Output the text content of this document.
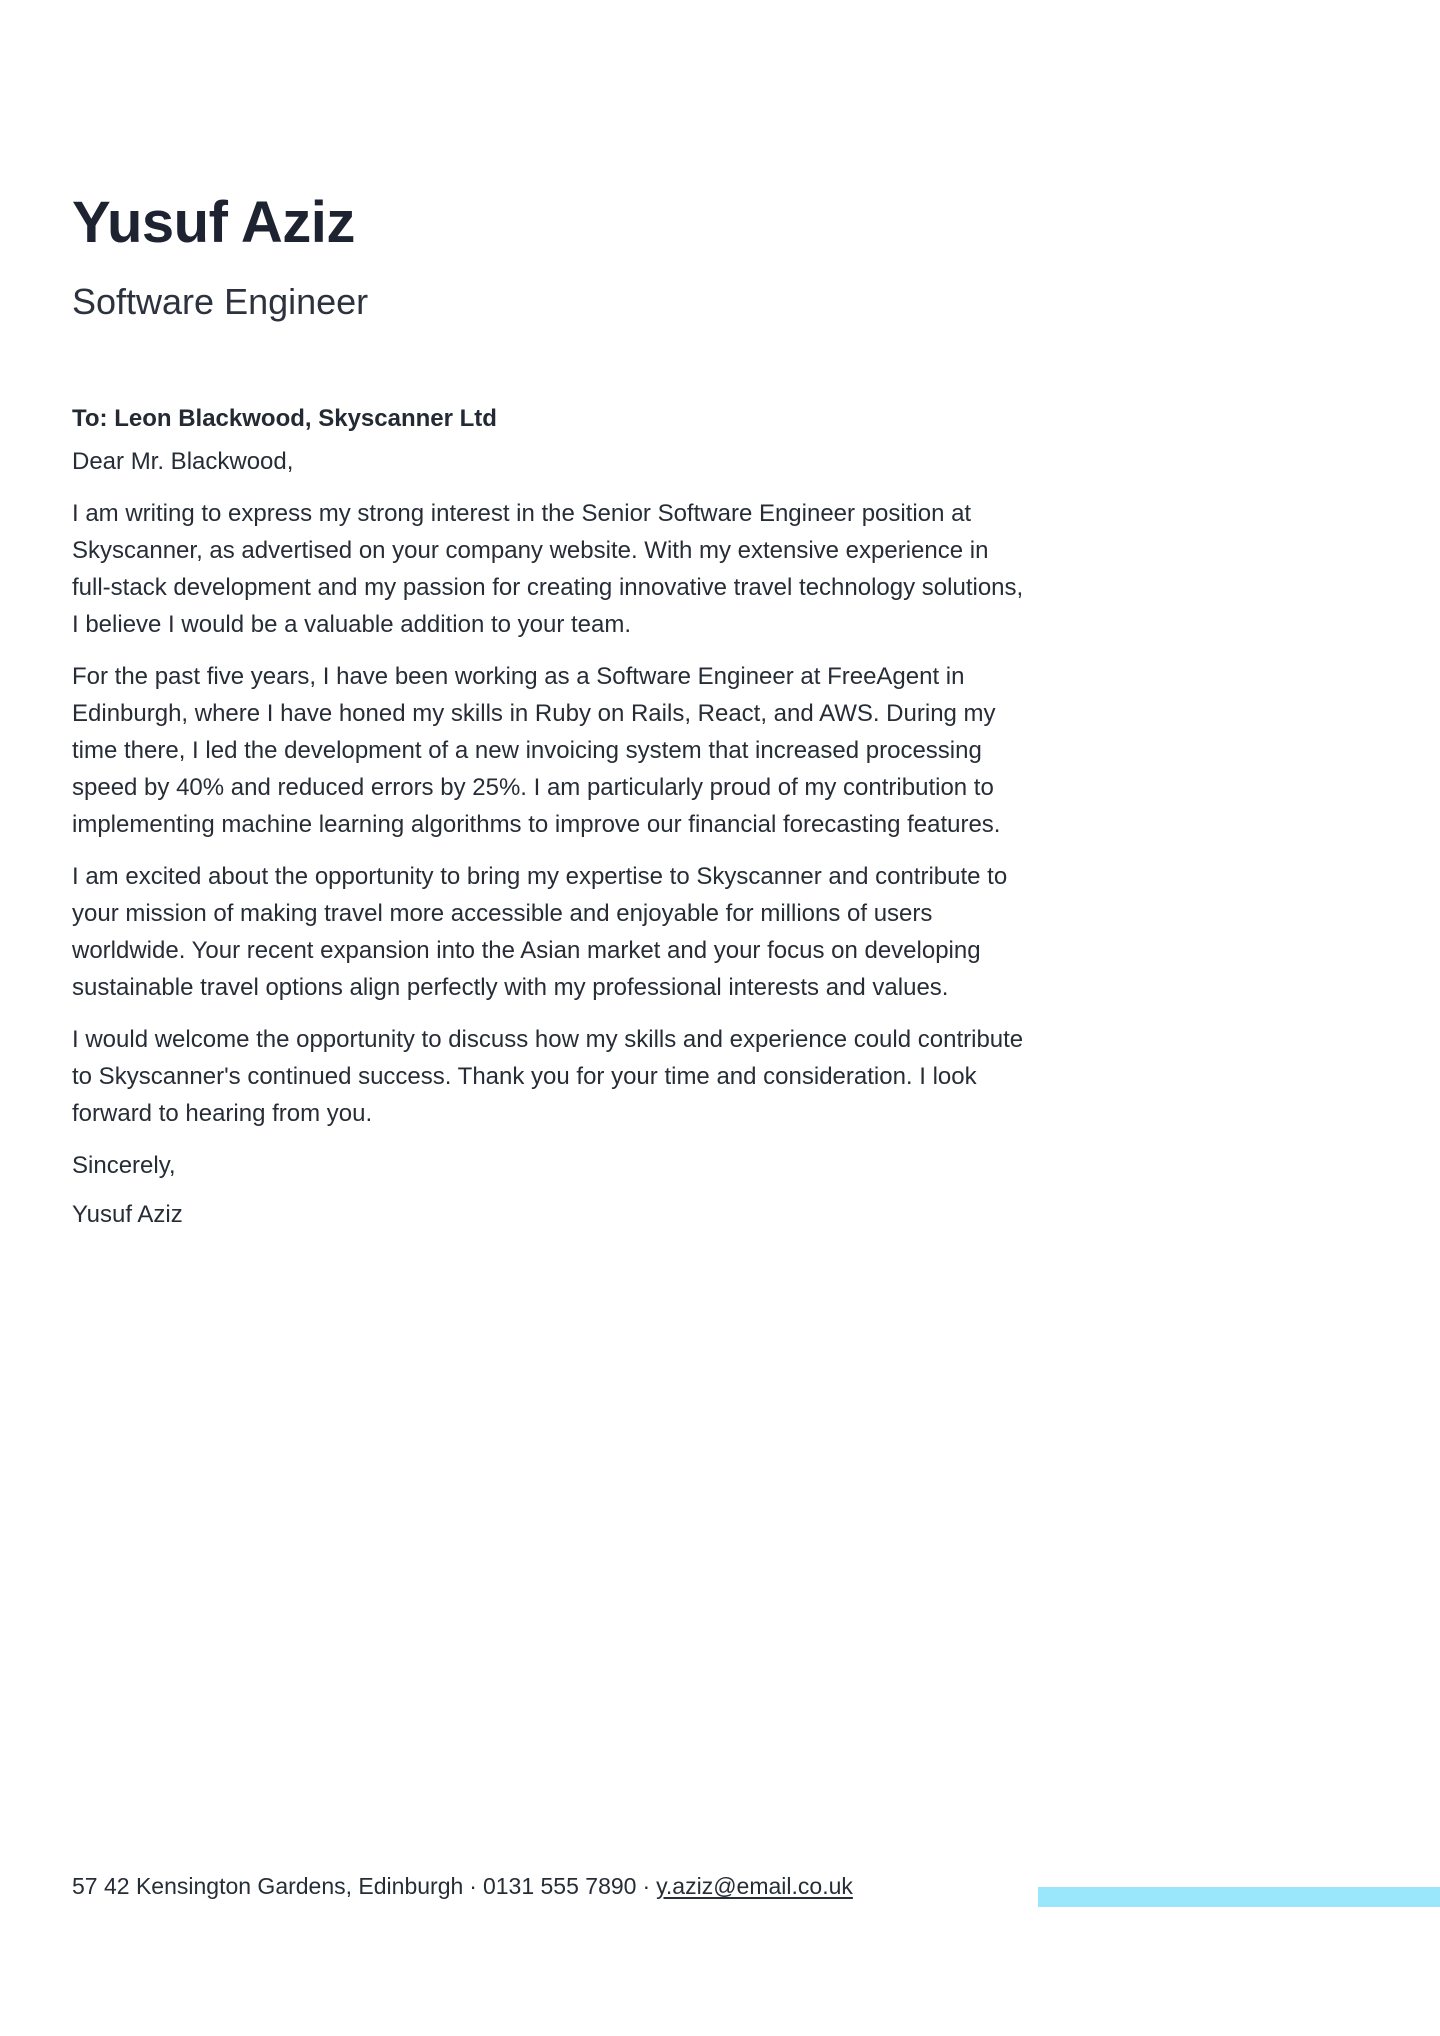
Yusuf Aziz
Software Engineer

To: Leon Blackwood, Skyscanner Ltd

Dear Mr. Blackwood,

I am writing to express my strong interest in the Senior Software Engineer position at Skyscanner, as advertised on your company website. With my extensive experience in full-stack development and my passion for creating innovative travel technology solutions, I believe I would be a valuable addition to your team.

For the past five years, I have been working as a Software Engineer at FreeAgent in Edinburgh, where I have honed my skills in Ruby on Rails, React, and AWS. During my time there, I led the development of a new invoicing system that increased processing speed by 40% and reduced errors by 25%. I am particularly proud of my contribution to implementing machine learning algorithms to improve our financial forecasting features.

I am excited about the opportunity to bring my expertise to Skyscanner and contribute to your mission of making travel more accessible and enjoyable for millions of users worldwide. Your recent expansion into the Asian market and your focus on developing sustainable travel options align perfectly with my professional interests and values.

I would welcome the opportunity to discuss how my skills and experience could contribute to Skyscanner's continued success. Thank you for your time and consideration. I look forward to hearing from you.

Sincerely,

Yusuf Aziz

57 42 Kensington Gardens, Edinburgh · 0131 555 7890 · y.aziz@email.co.uk
